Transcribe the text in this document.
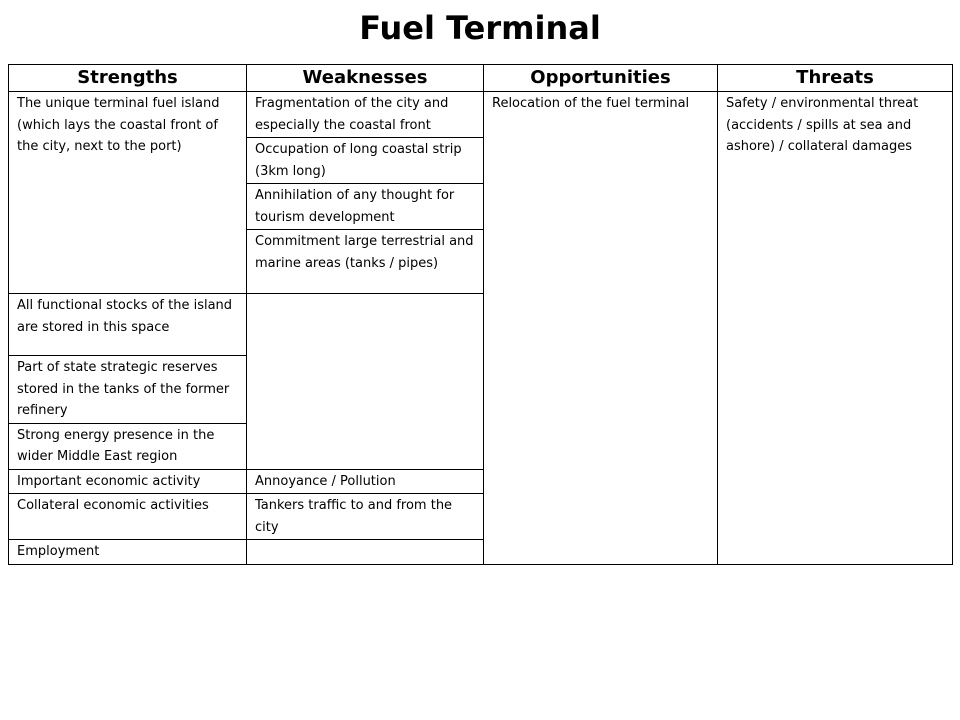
Fuel Terminal
Strengths	Weaknesses	Opportunities	Threats
The unique terminal fuel island (which lays the coastal front of the city, next to the port)	Fragmentation of the city and especially the coastal front	Relocation of the fuel terminal	Safety / environmental threat (accidents / spills at sea and ashore) / collateral damages
	Occupation of long coastal strip (3km long)		
	Annihilation of any thought for tourism development		
	Commitment large terrestrial and marine areas (tanks / pipes)		
All functional stocks of the island are stored in this space			
Part of state strategic reserves stored in the tanks of the former refinery			
Strong energy presence in the wider Middle East region			
Important economic activity	Annoyance / Pollution		
Collateral economic activities	Tankers traffic to and from the city		
Employment			
